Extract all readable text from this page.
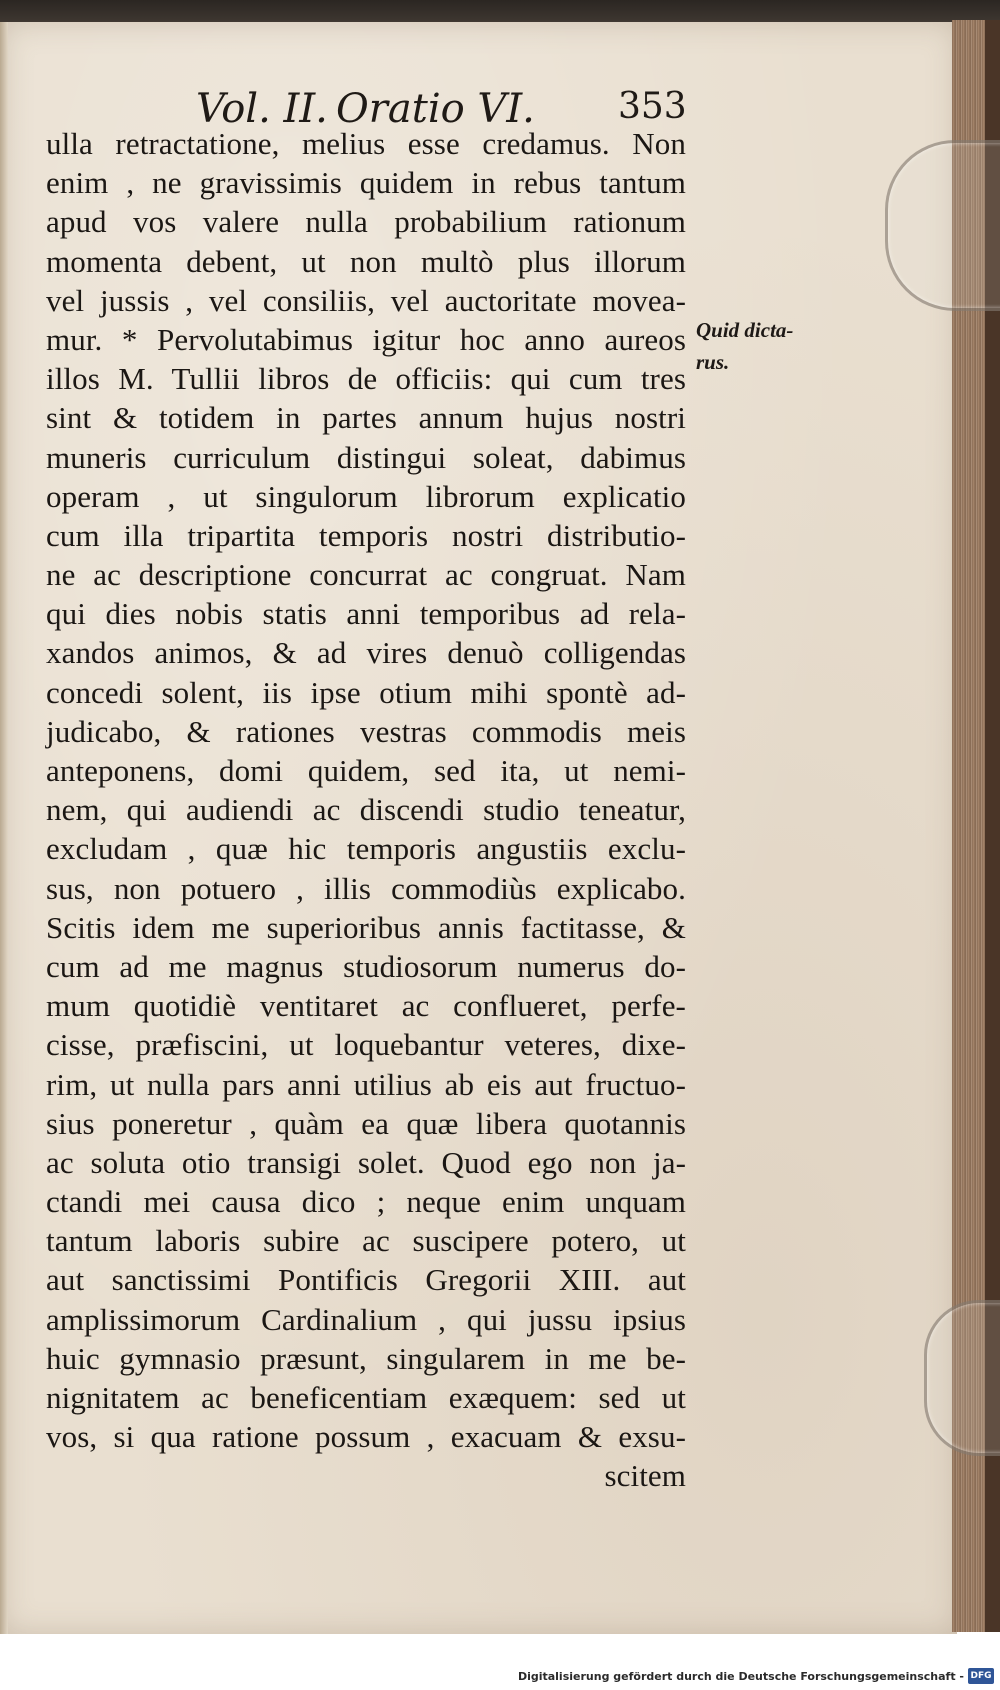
Vol. II. Oratio VI. 353
ulla retractatione, melius esse credamus. Non
enim , ne gravissimis quidem in rebus tantum
apud vos valere nulla probabilium rationum
momenta debent, ut non multò plus illorum
vel jussis , vel consiliis, vel auctoritate movea-
mur. * Pervolutabimus igitur hoc anno aureos
illos M. Tullii libros de officiis: qui cum tres
sint & totidem in partes annum hujus nostri
muneris curriculum distingui soleat, dabimus
operam , ut singulorum librorum explicatio
cum illa tripartita temporis nostri distributio-
ne ac descriptione concurrat ac congruat. Nam
qui dies nobis statis anni temporibus ad rela-
xandos animos, & ad vires denuò colligendas
concedi solent, iis ipse otium mihi spontè ad-
judicabo, & rationes vestras commodis meis
anteponens, domi quidem, sed ita, ut nemi-
nem, qui audiendi ac discendi studio teneatur,
excludam , quæ hic temporis angustiis exclu-
sus, non potuero , illis commodiùs explicabo.
Scitis idem me superioribus annis factitasse, &
cum ad me magnus studiosorum numerus do-
mum quotidiè ventitaret ac conflueret, perfe-
cisse, præfiscini, ut loquebantur veteres, dixe-
rim, ut nulla pars anni utilius ab eis aut fructuo-
sius poneretur , quàm ea quæ libera quotannis
ac soluta otio transigi solet. Quod ego non ja-
ctandi mei causa dico ; neque enim unquam
tantum laboris subire ac suscipere potero, ut
aut sanctissimi Pontificis Gregorii XIII. aut
amplissimorum Cardinalium , qui jussu ipsius
huic gymnasio præsunt, singularem in me be-
nignitatem ac beneficentiam exæquem: sed ut
vos, si qua ratione possum , exacuam & exsu-
scitem
Quid dicta-
rus.
Digitalisierung gefördert durch die Deutsche Forschungsgemeinschaft - DFG
